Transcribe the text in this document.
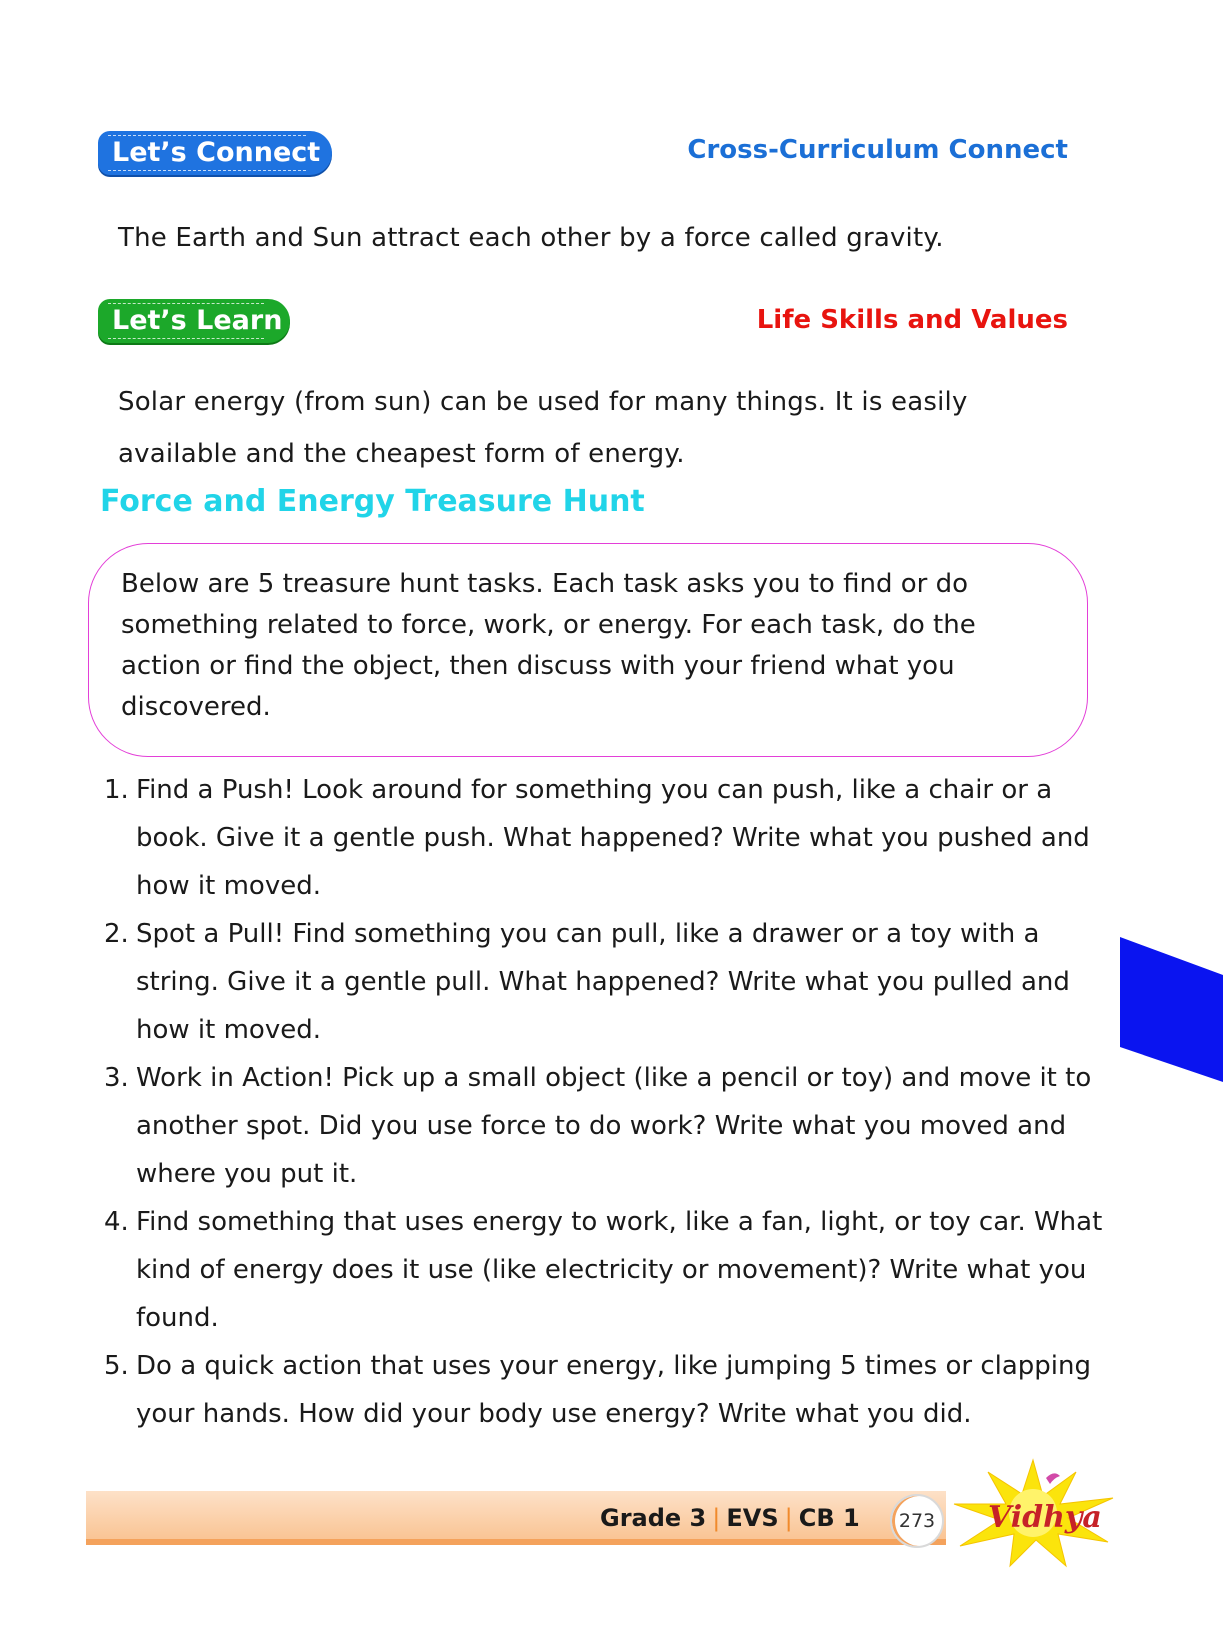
Let’s Connect	Cross-Curriculum Connect
The Earth and Sun attract each other by a force called gravity.
Let’s Learn	Life Skills and Values
Solar energy (from sun) can be used for many things. It is easily available and the cheapest form of energy.
Force and Energy Treasure Hunt
Below are 5 treasure hunt tasks. Each task asks you to find or do something related to force, work, or energy. For each task, do the action or find the object, then discuss with your friend what you discovered.
1. Find a Push! Look around for something you can push, like a chair or a book. Give it a gentle push. What happened? Write what you pushed and how it moved.
2. Spot a Pull! Find something you can pull, like a drawer or a toy with a string. Give it a gentle pull. What happened? Write what you pulled and how it moved.
3. Work in Action! Pick up a small object (like a pencil or toy) and move it to another spot. Did you use force to do work? Write what you moved and where you put it.
4. Find something that uses energy to work, like a fan, light, or toy car. What kind of energy does it use (like electricity or movement)? Write what you found.
5. Do a quick action that uses your energy, like jumping 5 times or clapping your hands. How did your body use energy? Write what you did.
Grade 3 | EVS | CB 1	273 Vidhya
